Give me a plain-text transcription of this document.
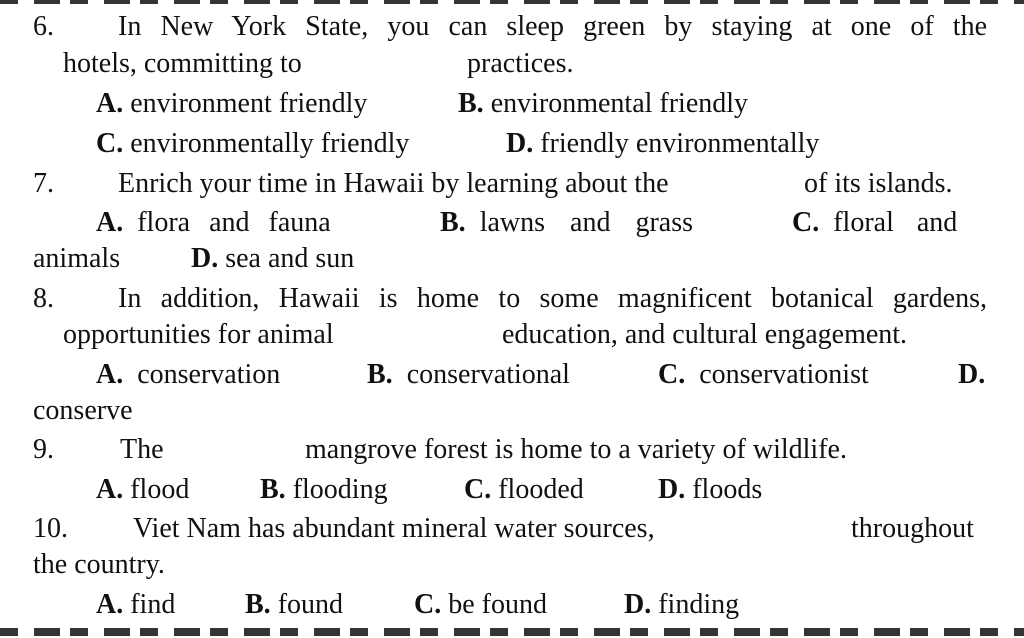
6. In New York State, you can sleep green by staying at one of the
hotels, committing to	practices.
A. environment friendly	B. environmental friendly
C. environmentally friendly	D. friendly environmentally
7. Enrich your time in Hawaii by learning about the	of its islands.
A. flora and fauna	B. lawns and grass	C. floral and
animals	D. sea and sun
8. In addition, Hawaii is home to some magnificent botanical gardens,
opportunities for animal	education, and cultural engagement.
A. conservation	B. conservational	C. conservationist	D.
conserve
9. The	mangrove forest is home to a variety of wildlife.
A. flood	B. flooding	C. flooded	D. floods
10. Viet Nam has abundant mineral water sources,	throughout
the country.
A. find B. found	C. be found	D. finding
